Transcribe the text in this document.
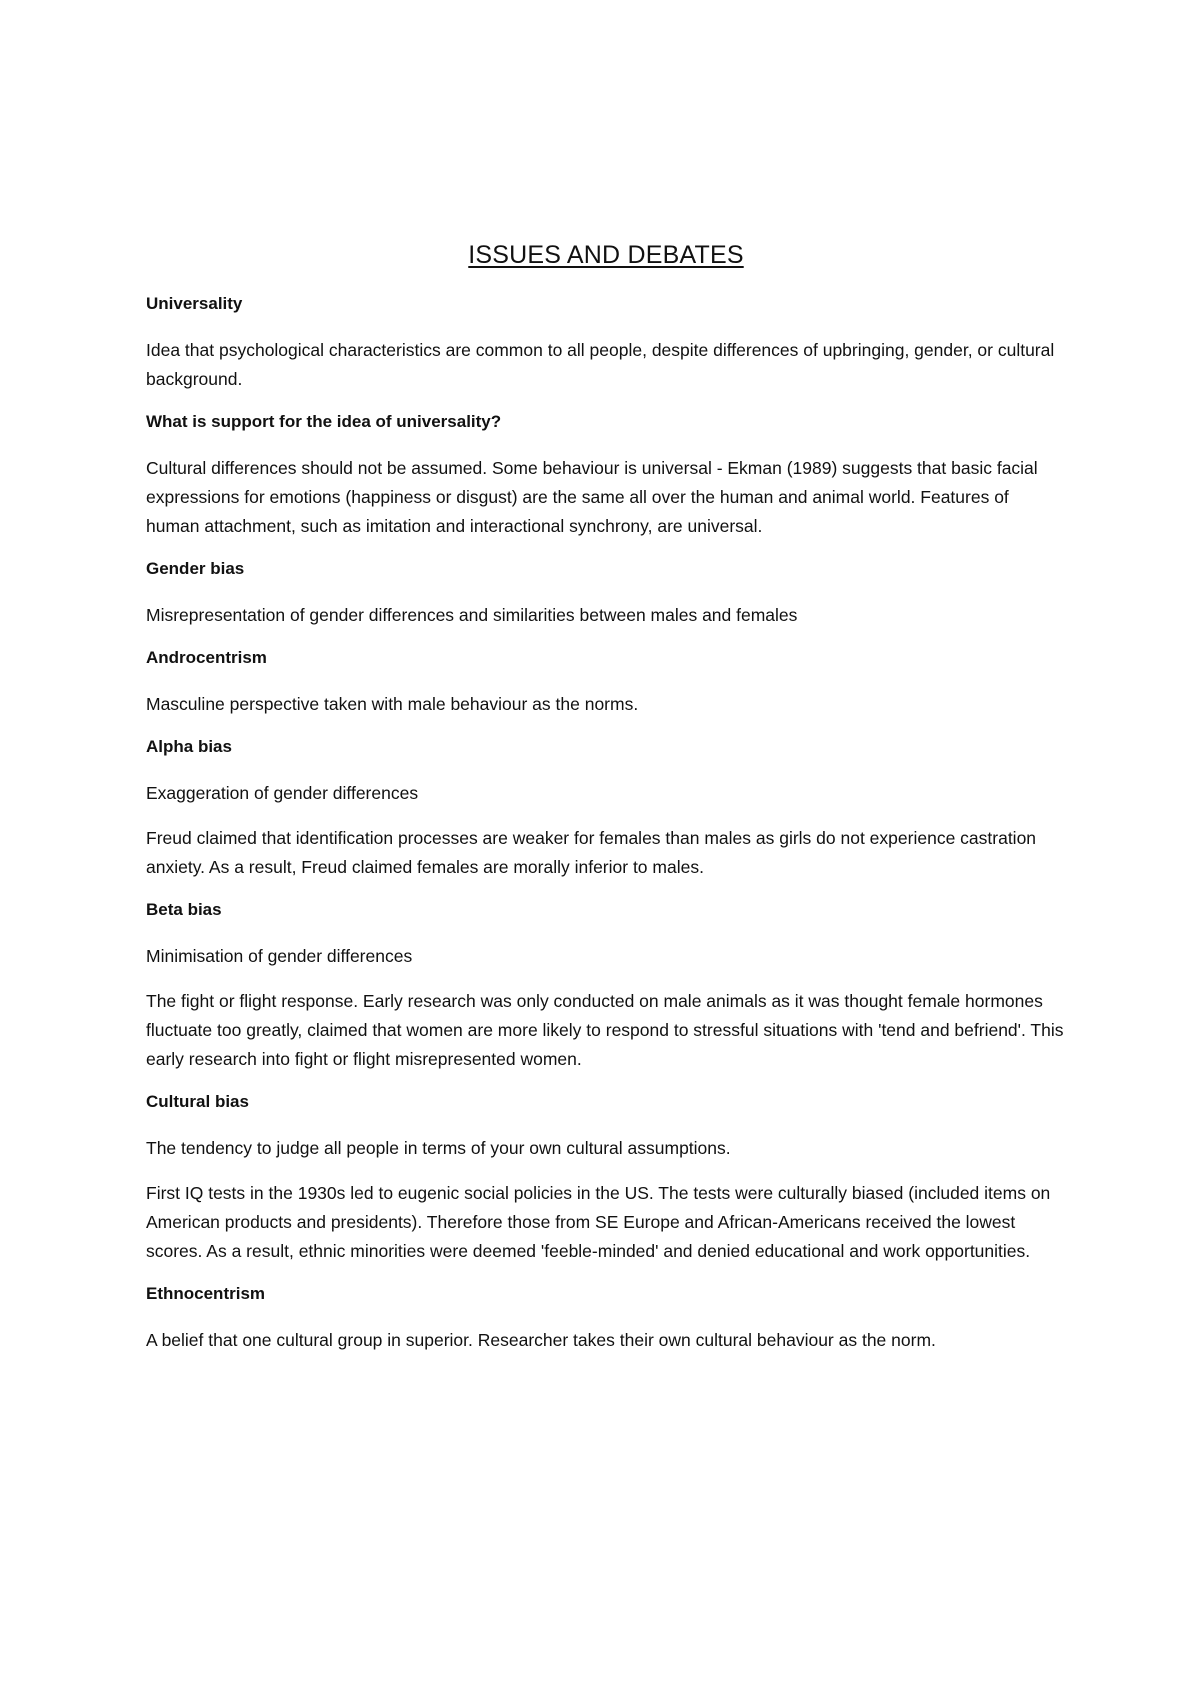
ISSUES AND DEBATES
Universality

Idea that psychological characteristics are common to all people, despite differences of upbringing, gender, or cultural background.

What is support for the idea of universality?

Cultural differences should not be assumed. Some behaviour is universal - Ekman (1989) suggests that basic facial expressions for emotions (happiness or disgust) are the same all over the human and animal world. Features of human attachment, such as imitation and interactional synchrony, are universal.

Gender bias

Misrepresentation of gender differences and similarities between males and females

Androcentrism

Masculine perspective taken with male behaviour as the norms.

Alpha bias

Exaggeration of gender differences

Freud claimed that identification processes are weaker for females than males as girls do not experience castration anxiety. As a result, Freud claimed females are morally inferior to males.

Beta bias

Minimisation of gender differences

The fight or flight response. Early research was only conducted on male animals as it was thought female hormones fluctuate too greatly, claimed that women are more likely to respond to stressful situations with 'tend and befriend'. This early research into fight or flight misrepresented women.

Cultural bias

The tendency to judge all people in terms of your own cultural assumptions.

First IQ tests in the 1930s led to eugenic social policies in the US. The tests were culturally biased (included items on American products and presidents). Therefore those from SE Europe and African-Americans received the lowest scores. As a result, ethnic minorities were deemed 'feeble-minded' and denied educational and work opportunities.

Ethnocentrism

A belief that one cultural group in superior. Researcher takes their own cultural behaviour as the norm.
